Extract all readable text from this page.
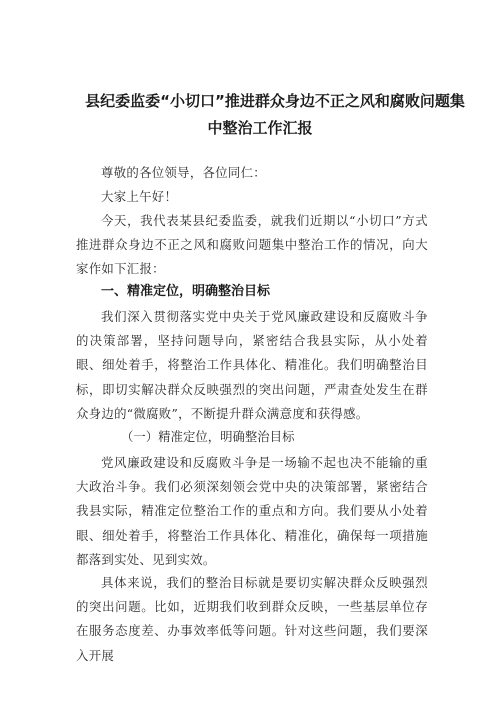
县纪委监委“小切口”推进群众身边不正之风和腐败问题集
中整治工作汇报
尊敬的各位领导，各位同仁：
大家上午好！
今天，我代表某县纪委监委，就我们近期以“小切口”方式推进群众身边不正之风和腐败问题集中整治工作的情况，向大家作如下汇报：
一、精准定位，明确整治目标
我们深入贯彻落实党中央关于党风廉政建设和反腐败斗争的决策部署，坚持问题导向，紧密结合我县实际，从小处着眼、细处着手，将整治工作具体化、精准化。我们明确整治目标，即切实解决群众反映强烈的突出问题，严肃查处发生在群众身边的“微腐败”，不断提升群众满意度和获得感。
（一）精准定位，明确整治目标
党风廉政建设和反腐败斗争是一场输不起也决不能输的重大政治斗争。我们必须深刻领会党中央的决策部署，紧密结合我县实际，精准定位整治工作的重点和方向。我们要从小处着眼、细处着手，将整治工作具体化、精准化，确保每一项措施都落到实处、见到实效。
具体来说，我们的整治目标就是要切实解决群众反映强烈的突出问题。比如，近期我们收到群众反映，一些基层单位存在服务态度差、办事效率低等问题。针对这些问题，我们要深入开展
